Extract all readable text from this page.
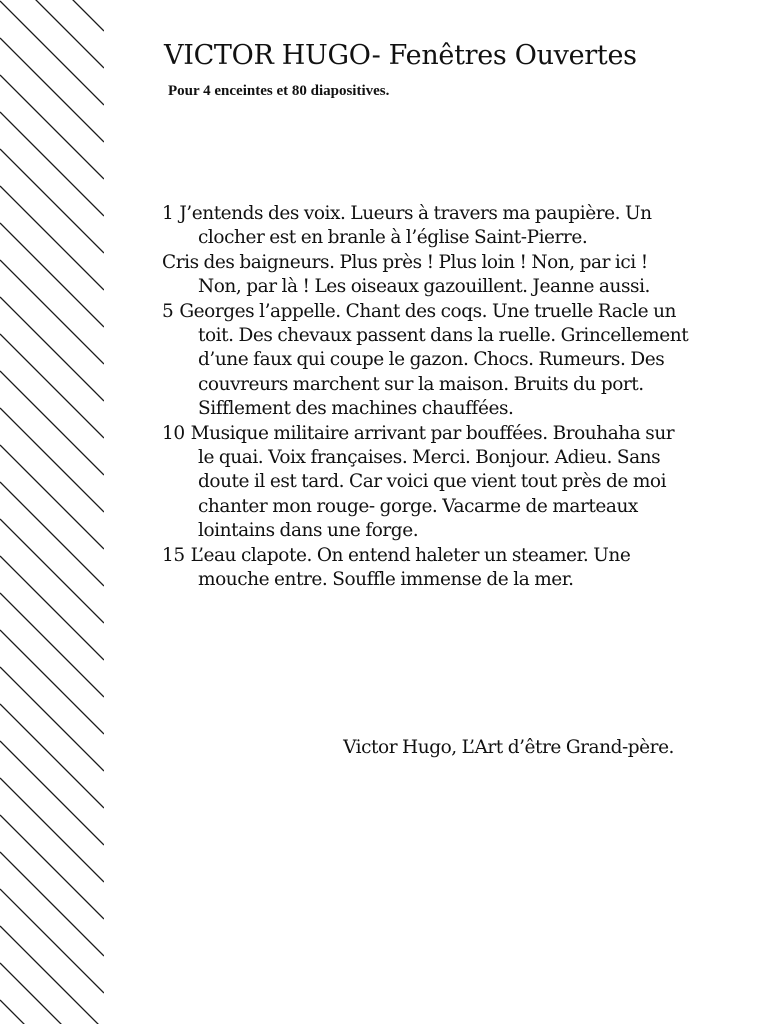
VICTOR HUGO- Fenêtres Ouvertes

Pour 4 enceintes et 80 diapositives.

1 J’entends des voix. Lueurs à travers ma paupière. Un clocher est en branle à l’église Saint-Pierre.
Cris des baigneurs. Plus près ! Plus loin ! Non, par ici ! Non, par là ! Les oiseaux gazouillent. Jeanne aussi.

5 Georges l’appelle. Chant des coqs. Une truelle Racle un toit. Des chevaux passent dans la ruelle. Grincellement d’une faux qui coupe le gazon. Chocs. Rumeurs. Des couvreurs marchent sur la maison. Bruits du port. Sifflement des machines chauffées.

10 Musique militaire arrivant par bouffées. Brouhaha sur le quai. Voix françaises. Merci. Bonjour. Adieu. Sans doute il est tard. Car voici que vient tout près de moi chanter mon rouge- gorge. Vacarme de marteaux lointains dans une forge.

15 L’eau clapote. On entend haleter un steamer. Une mouche entre. Souffle immense de la mer.

Victor Hugo, L’Art d’être Grand-père.
